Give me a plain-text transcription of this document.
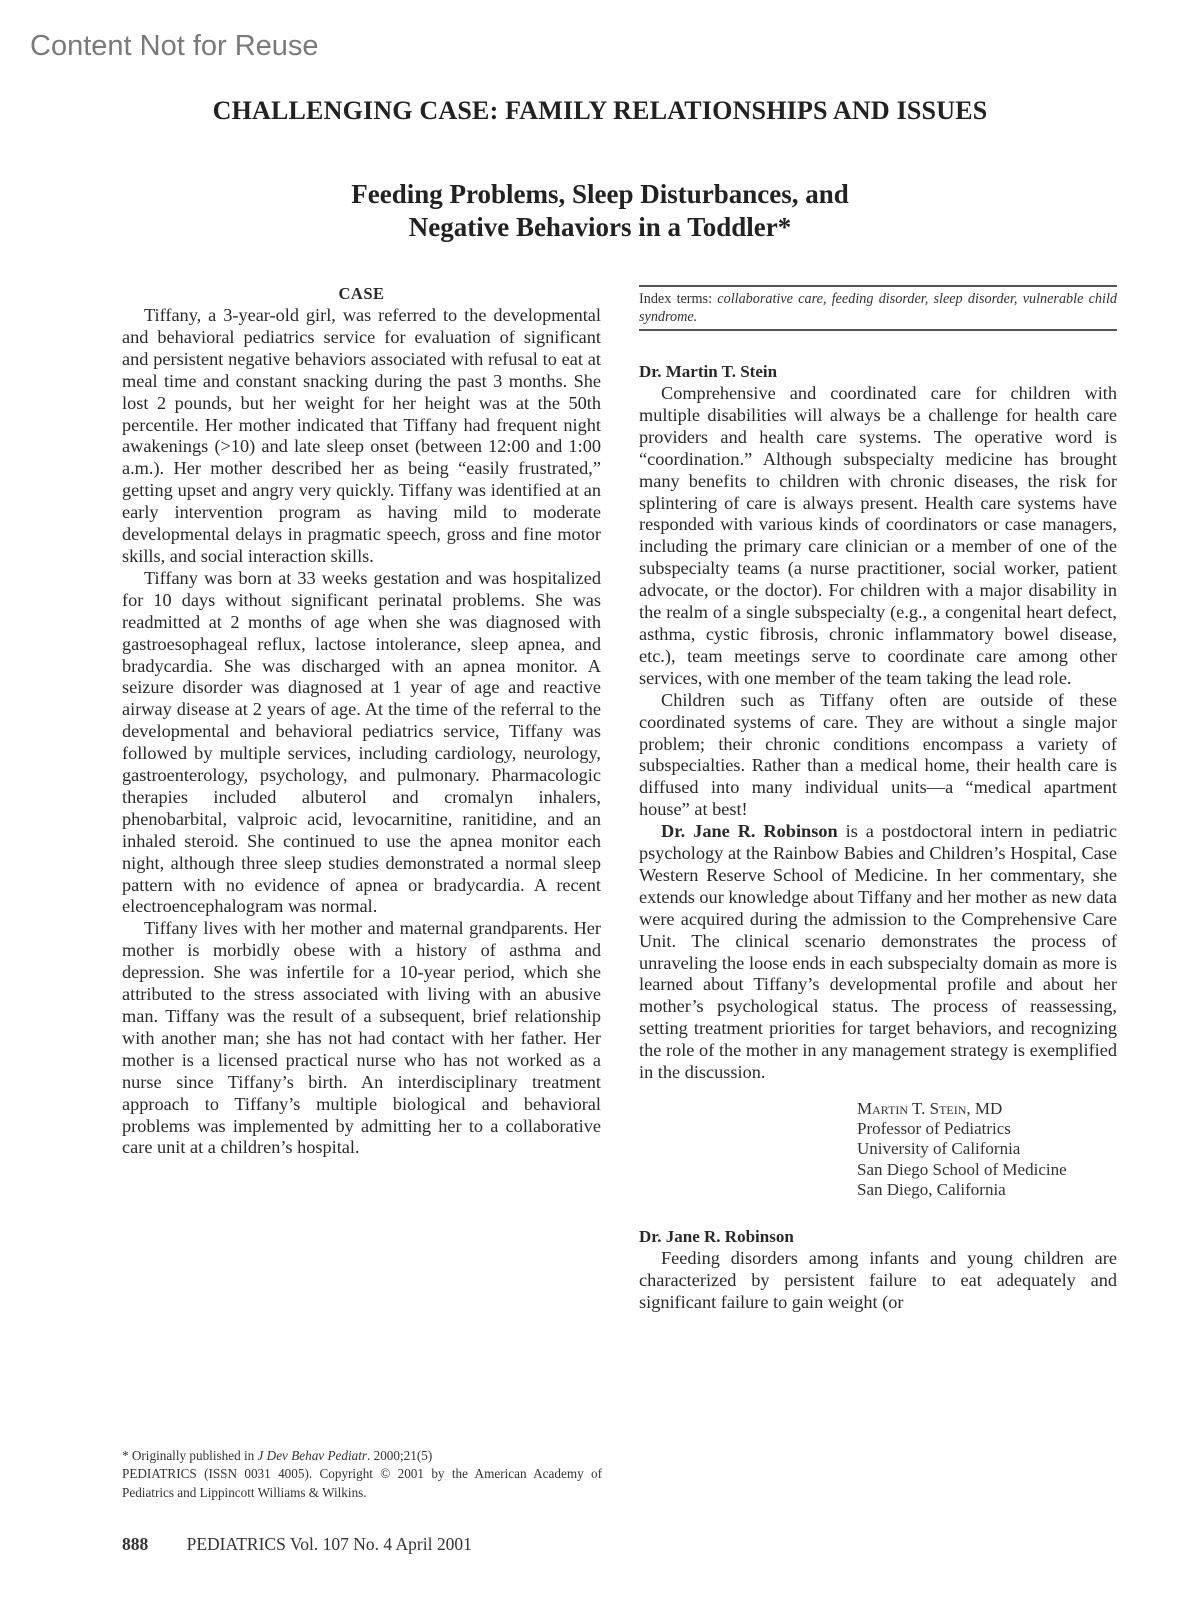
Content Not for Reuse
CHALLENGING CASE: FAMILY RELATIONSHIPS AND ISSUES
Feeding Problems, Sleep Disturbances, and
Negative Behaviors in a Toddler*
CASE

Tiffany, a 3-year-old girl, was referred to the developmental and behavioral pediatrics service for evaluation of significant and persistent negative behaviors associated with refusal to eat at meal time and constant snacking during the past 3 months. She lost 2 pounds, but her weight for her height was at the 50th percentile. Her mother indicated that Tiffany had frequent night awakenings (>10) and late sleep onset (between 12:00 and 1:00 a.m.). Her mother described her as being “easily frustrated,” getting upset and angry very quickly. Tiffany was identified at an early intervention program as having mild to moderate developmental delays in pragmatic speech, gross and fine motor skills, and social interaction skills.

Tiffany was born at 33 weeks gestation and was hospitalized for 10 days without significant perinatal problems. She was readmitted at 2 months of age when she was diagnosed with gastroesophageal reflux, lactose intolerance, sleep apnea, and bradycardia. She was discharged with an apnea monitor. A seizure disorder was diagnosed at 1 year of age and reactive airway disease at 2 years of age. At the time of the referral to the developmental and behavioral pediatrics service, Tiffany was followed by multiple services, including cardiology, neurology, gastroenterology, psychology, and pulmonary. Pharmacologic therapies included albuterol and cromalyn inhalers, phenobarbital, valproic acid, levocarnitine, ranitidine, and an inhaled steroid. She continued to use the apnea monitor each night, although three sleep studies demonstrated a normal sleep pattern with no evidence of apnea or bradycardia. A recent electroencephalogram was normal.

Tiffany lives with her mother and maternal grandparents. Her mother is morbidly obese with a history of asthma and depression. She was infertile for a 10-year period, which she attributed to the stress associated with living with an abusive man. Tiffany was the result of a subsequent, brief relationship with another man; she has not had contact with her father. Her mother is a licensed practical nurse who has not worked as a nurse since Tiffany’s birth. An interdisciplinary treatment approach to Tiffany’s multiple biological and behavioral problems was implemented by admitting her to a collaborative care unit at a children’s hospital.

* Originally published in J Dev Behav Pediatr. 2000;21(5)
PEDIATRICS (ISSN 0031 4005). Copyright © 2001 by the American Academy of Pediatrics and Lippincott Williams & Wilkins.
888 PEDIATRICS Vol. 107 No. 4 April 2001
Index terms: collaborative care, feeding disorder, sleep disorder, vulnerable child syndrome.
Dr. Martin T. Stein

Comprehensive and coordinated care for children with multiple disabilities will always be a challenge for health care providers and health care systems. The operative word is “coordination.” Although subspecialty medicine has brought many benefits to children with chronic diseases, the risk for splintering of care is always present. Health care systems have responded with various kinds of coordinators or case managers, including the primary care clinician or a member of one of the subspecialty teams (a nurse practitioner, social worker, patient advocate, or the doctor). For children with a major disability in the realm of a single subspecialty (e.g., a congenital heart defect, asthma, cystic fibrosis, chronic inflammatory bowel disease, etc.), team meetings serve to coordinate care among other services, with one member of the team taking the lead role.

Children such as Tiffany often are outside of these coordinated systems of care. They are without a single major problem; their chronic conditions encompass a variety of subspecialties. Rather than a medical home, their health care is diffused into many individual units—a “medical apartment house” at best!

Dr. Jane R. Robinson is a postdoctoral intern in pediatric psychology at the Rainbow Babies and Children’s Hospital, Case Western Reserve School of Medicine. In her commentary, she extends our knowledge about Tiffany and her mother as new data were acquired during the admission to the Comprehensive Care Unit. The clinical scenario demonstrates the process of unraveling the loose ends in each subspecialty domain as more is learned about Tiffany’s developmental profile and about her mother’s psychological status. The process of reassessing, setting treatment priorities for target behaviors, and recognizing the role of the mother in any management strategy is exemplified in the discussion.

Martin T. Stein, MD
Professor of Pediatrics
University of California
San Diego School of Medicine
San Diego, California
Dr. Jane R. Robinson

Feeding disorders among infants and young children are characterized by persistent failure to eat adequately and significant failure to gain weight (or
